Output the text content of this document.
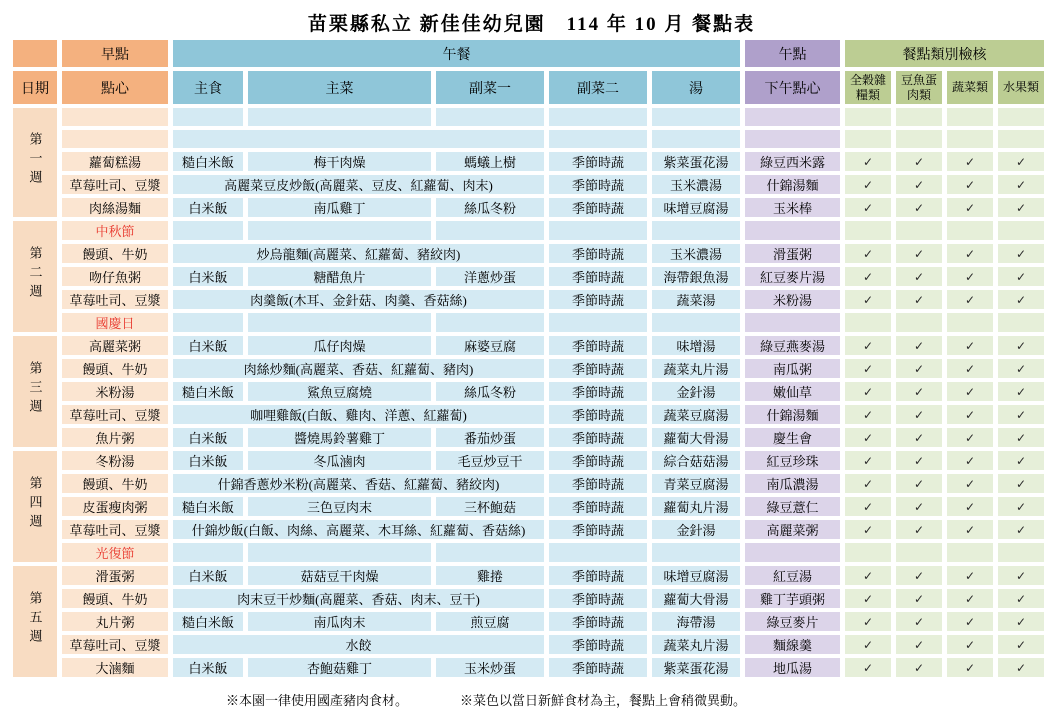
苗栗縣私立 新佳佳幼兒園　114 年 10 月 餐點表
	早點	午餐					午點	餐點類別檢核			
日期	點心	主食	主菜	副菜一	副菜二	湯	下午點心	全穀雜糧類	豆魚蛋肉類	蔬菜類	水果類
第一週											

	蘿蔔糕湯	糙白米飯	梅干肉燥	螞蟻上樹	季節時蔬	紫菜蛋花湯	綠豆西米露	✓	✓	✓	✓
	草莓吐司、豆漿	高麗菜豆皮炒飯(高麗菜、豆皮、紅蘿蔔、肉末)			季節時蔬	玉米濃湯	什錦湯麵	✓	✓	✓	✓
	肉絲湯麵	白米飯	南瓜雞丁	絲瓜冬粉	季節時蔬	味增豆腐湯	玉米棒	✓	✓	✓	✓
第二週	中秋節										
	饅頭、牛奶	炒烏龍麵(高麗菜、紅蘿蔔、豬絞肉)			季節時蔬	玉米濃湯	滑蛋粥	✓	✓	✓	✓
	吻仔魚粥	白米飯	糖醋魚片	洋蔥炒蛋	季節時蔬	海帶銀魚湯	紅豆麥片湯	✓	✓	✓	✓
	草莓吐司、豆漿	肉羹飯(木耳、金針菇、肉羹、香菇絲)			季節時蔬	蔬菜湯	米粉湯	✓	✓	✓	✓
	國慶日										
第三週	高麗菜粥	白米飯	瓜仔肉燥	麻婆豆腐	季節時蔬	味增湯	綠豆燕麥湯	✓	✓	✓	✓
	饅頭、牛奶	肉絲炒麵(高麗菜、香菇、紅蘿蔔、豬肉)			季節時蔬	蔬菜丸片湯	南瓜粥	✓	✓	✓	✓
	米粉湯	糙白米飯	鯊魚豆腐燒	絲瓜冬粉	季節時蔬	金針湯	嫩仙草	✓	✓	✓	✓
	草莓吐司、豆漿	咖哩雞飯(白飯、雞肉、洋蔥、紅蘿蔔)			季節時蔬	蔬菜豆腐湯	什錦湯麵	✓	✓	✓	✓
	魚片粥	白米飯	醬燒馬鈴薯雞丁	番茄炒蛋	季節時蔬	蘿蔔大骨湯	慶生會	✓	✓	✓	✓
第四週	冬粉湯	白米飯	冬瓜滷肉	毛豆炒豆干	季節時蔬	綜合菇菇湯	紅豆珍珠	✓	✓	✓	✓
	饅頭、牛奶	什錦香蔥炒米粉(高麗菜、香菇、紅蘿蔔、豬絞肉)			季節時蔬	青菜豆腐湯	南瓜濃湯	✓	✓	✓	✓
	皮蛋瘦肉粥	糙白米飯	三色豆肉末	三杯鮑菇	季節時蔬	蘿蔔丸片湯	綠豆薏仁	✓	✓	✓	✓
	草莓吐司、豆漿	什錦炒飯(白飯、肉絲、高麗菜、木耳絲、紅蘿蔔、香菇絲)			季節時蔬	金針湯	高麗菜粥	✓	✓	✓	✓
	光復節										
第五週	滑蛋粥	白米飯	菇菇豆干肉燥	雞捲	季節時蔬	味增豆腐湯	紅豆湯	✓	✓	✓	✓
	饅頭、牛奶	肉末豆干炒麵(高麗菜、香菇、肉末、豆干)			季節時蔬	蘿蔔大骨湯	雞丁芋頭粥	✓	✓	✓	✓
	丸片粥	糙白米飯	南瓜肉末	煎豆腐	季節時蔬	海帶湯	綠豆麥片	✓	✓	✓	✓
	草莓吐司、豆漿	水餃			季節時蔬	蔬菜丸片湯	麵線羹	✓	✓	✓	✓
	大滷麵	白米飯	杏鮑菇雞丁	玉米炒蛋	季節時蔬	紫菜蛋花湯	地瓜湯	✓	✓	✓	✓
※本園一律使用國產豬肉食材。	※菜色以當日新鮮食材為主，餐點上會稍微異動。
